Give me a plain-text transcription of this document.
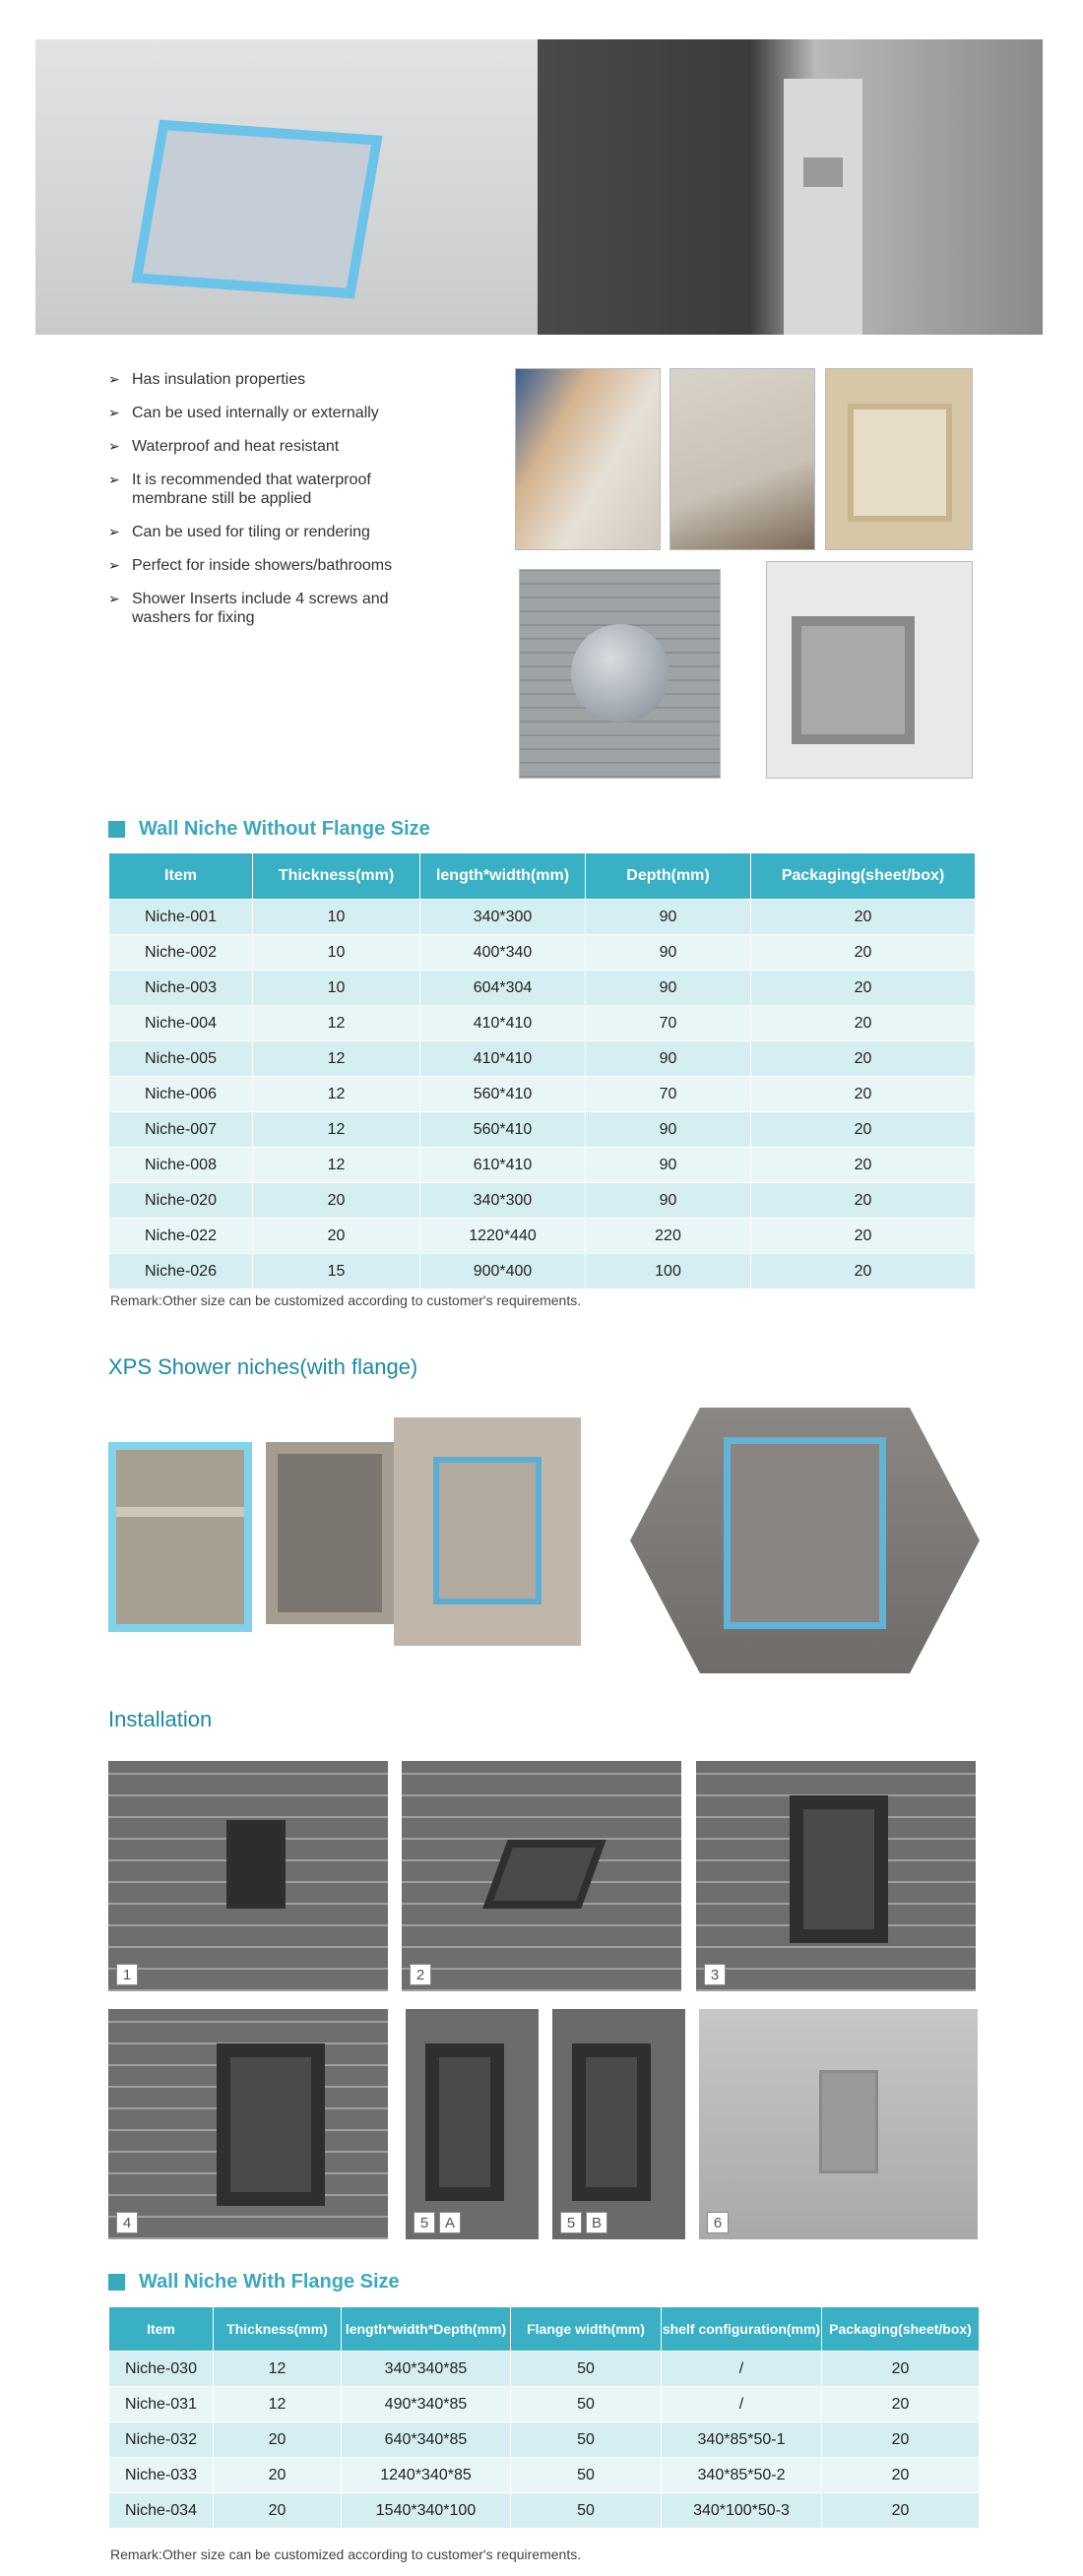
➢ Has insulation properties
➢ Can be used internally or externally
➢ Waterproof and heat resistant
➢ It is recommended that waterproof membrane still be applied
➢ Can be used for tiling or rendering
➢ Perfect for inside showers/bathrooms
➢ Shower Inserts include 4 screws and washers for fixing
Wall Niche Without Flange Size
Item	Thickness(mm)	length*width(mm)	Depth(mm)	Packaging(sheet/box)
Niche-001	10	340*300	90	20
Niche-002	10	400*340	90	20
Niche-003	10	604*304	90	20
Niche-004	12	410*410	70	20
Niche-005	12	410*410	90	20
Niche-006	12	560*410	70	20
Niche-007	12	560*410	90	20
Niche-008	12	610*410	90	20
Niche-020	20	340*300	90	20
Niche-022	20	1220*440	220	20
Niche-026	15	900*400	100	20
Remark:Other size can be customized according to customer's requirements.
XPS Shower niches(with flange)
Installation
1	2	3
4	5	A	5	B	6
Wall Niche With Flange Size
Item	Thickness(mm)	length*width*Depth(mm)	Flange width(mm)	shelf configuration(mm)	Packaging(sheet/box)
Niche-030	12	340*340*85	50	/	20
Niche-031	12	490*340*85	50	/	20
Niche-032	20	640*340*85	50	340*85*50-1	20
Niche-033	20	1240*340*85	50	340*85*50-2	20
Niche-034	20	1540*340*100	50	340*100*50-3	20
Remark:Other size can be customized according to customer's requirements.
